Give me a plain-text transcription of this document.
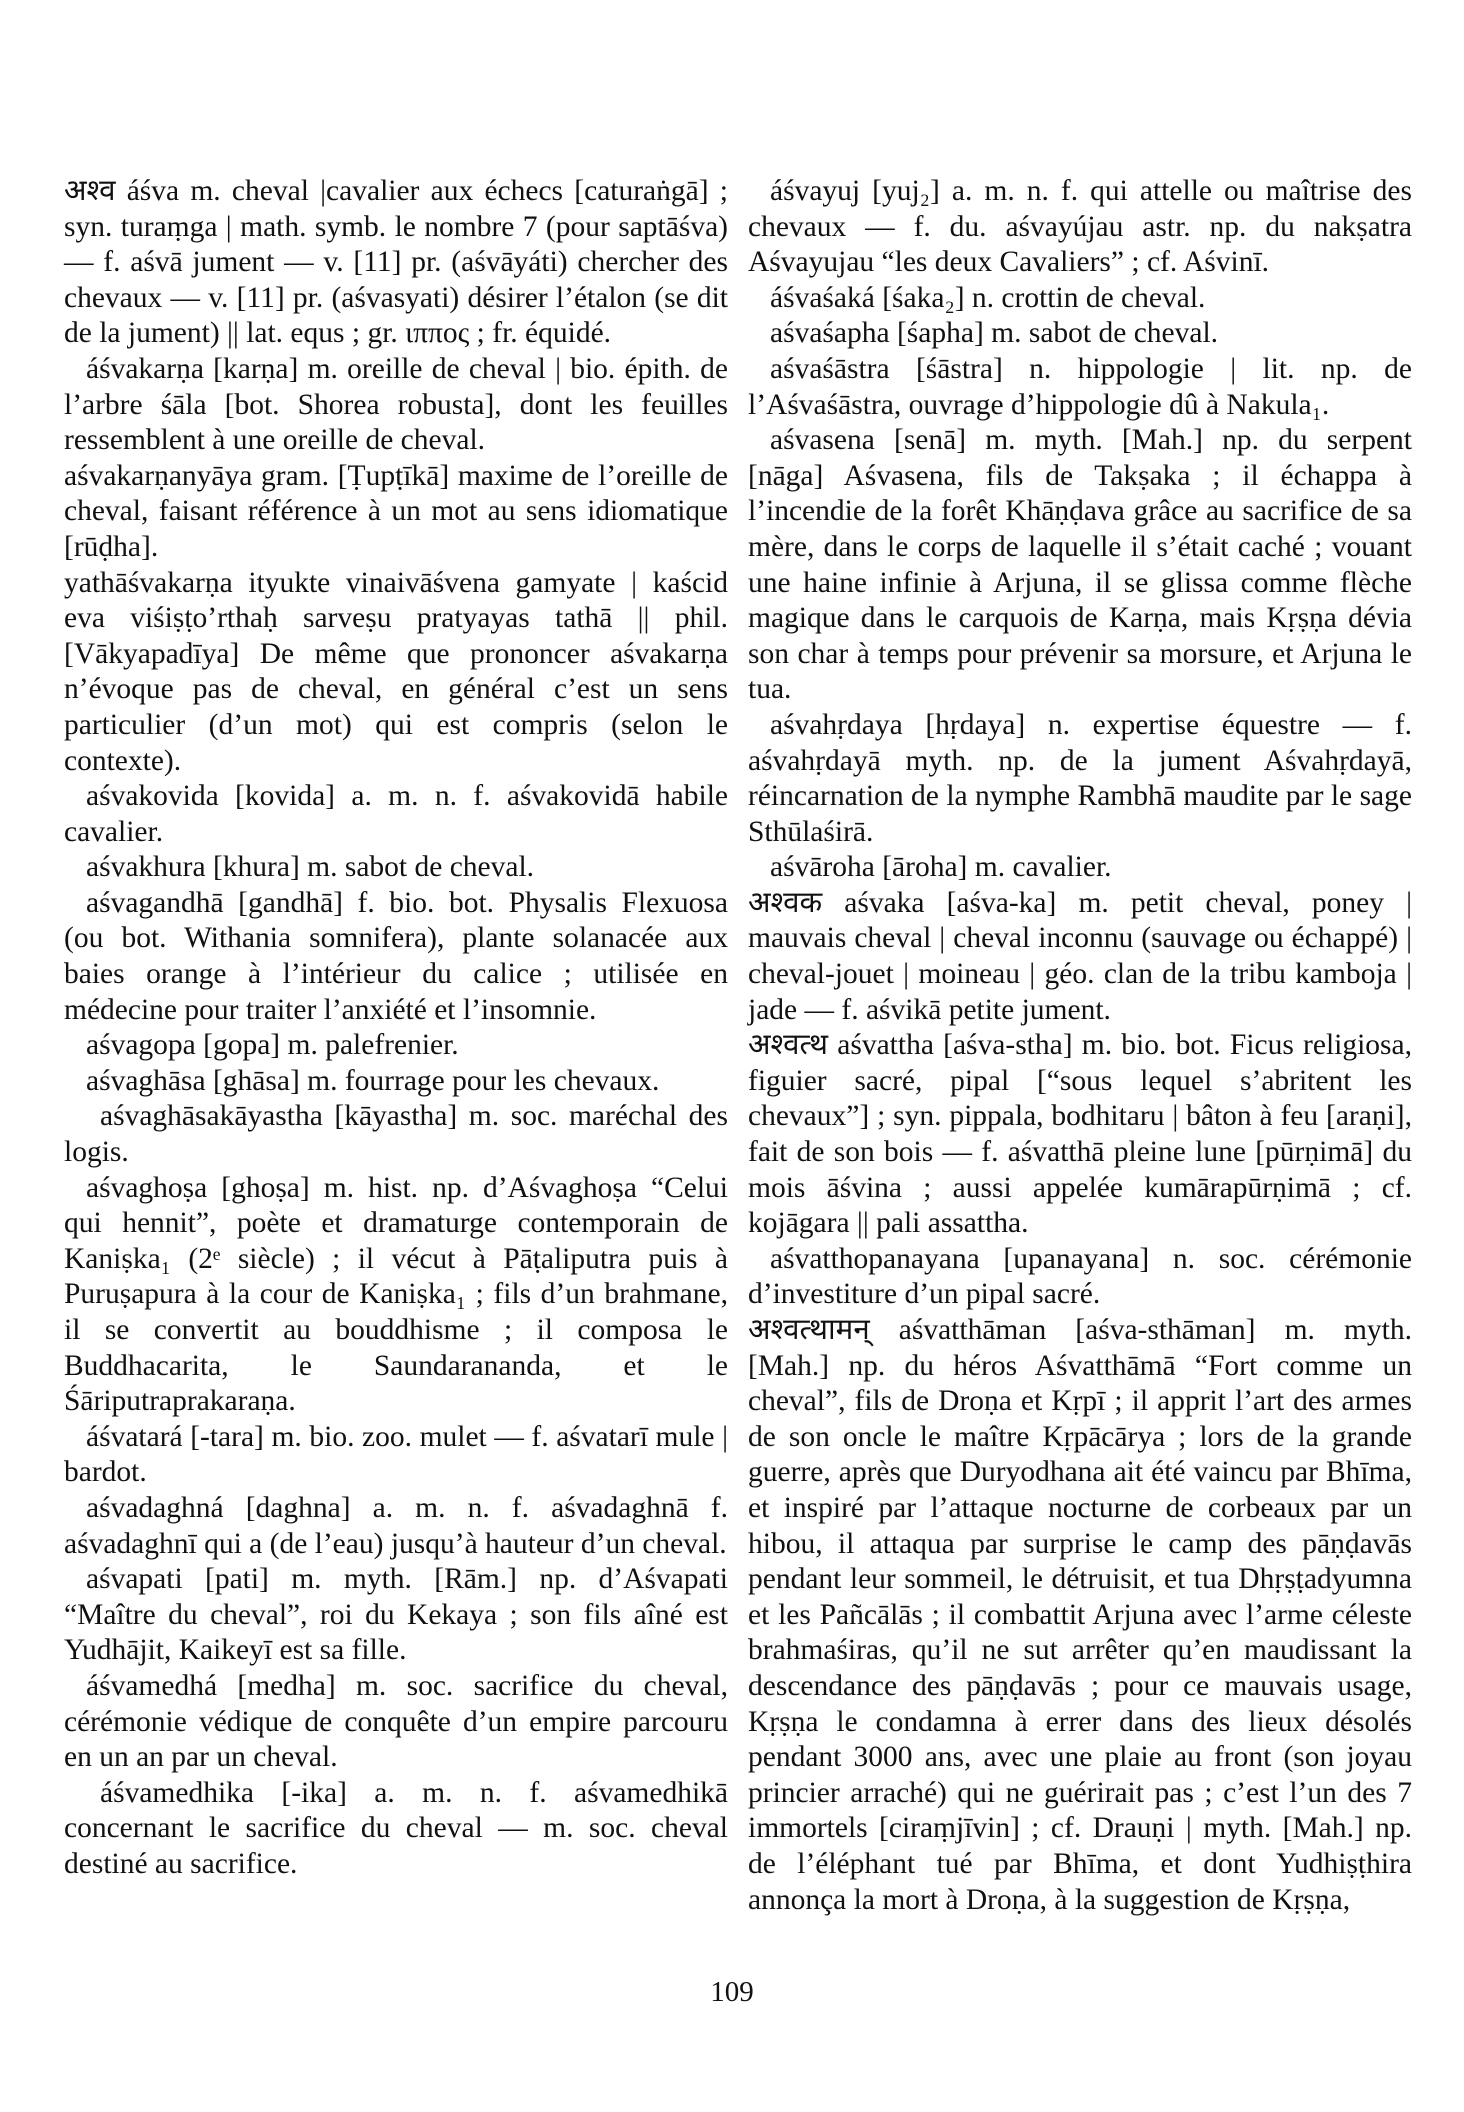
अश्व áśva m. cheval |cavalier aux échecs [caturaṅgā] ; syn. turaṃga | math. symb. le nombre 7 (pour saptāśva) — f. aśvā jument — v. [11] pr. (aśvāyáti) chercher des chevaux — v. [11] pr. (aśvasyati) désirer l’étalon (se dit de la jument) || lat. equs ; gr. ιππος ; fr. équidé.

áśvakarṇa [karṇa] m. oreille de cheval | bio. épith. de l’arbre śāla [bot. Shorea robusta], dont les feuilles ressemblent à une oreille de cheval.

aśvakarṇanyāya gram. [Ṭupṭīkā] maxime de l’oreille de cheval, faisant référence à un mot au sens idiomatique [rūḍha].

yathāśvakarṇa ityukte vinaivāśvena gamyate | kaścid eva viśiṣṭo’rthaḥ sarveṣu pratyayas tathā || phil. [Vākyapadīya] De même que prononcer aśvakarṇa n’évoque pas de cheval, en général c’est un sens particulier (d’un mot) qui est compris (selon le contexte).

aśvakovida [kovida] a. m. n. f. aśvakovidā habile cavalier.

aśvakhura [khura] m. sabot de cheval.

aśvagandhā [gandhā] f. bio. bot. Physalis Flexuosa (ou bot. Withania somnifera), plante solanacée aux baies orange à l’intérieur du calice ; utilisée en médecine pour traiter l’anxiété et l’insomnie.

aśvagopa [gopa] m. palefrenier.

aśvaghāsa [ghāsa] m. fourrage pour les chevaux.

aśvaghāsakāyastha [kāyastha] m. soc. maréchal des logis.

aśvaghoṣa [ghoṣa] m. hist. np. d’Aśvaghoṣa “Celui qui hennit”, poète et dramaturge contemporain de Kaniṣka₁ (2ᵉ siècle) ; il vécut à Pāṭaliputra puis à Puruṣapura à la cour de Kaniṣka₁ ; fils d’un brahmane, il se convertit au bouddhisme ; il composa le Buddhacarita, le Saundarananda, et le Śāriputraprakaraṇa.

áśvatará [-tara] m. bio. zoo. mulet — f. aśvatarī mule | bardot.

aśvadaghná [daghna] a. m. n. f. aśvadaghnā f. aśvadaghnī qui a (de l’eau) jusqu’à hauteur d’un cheval.

aśvapati [pati] m. myth. [Rām.] np. d’Aśvapati “Maître du cheval”, roi du Kekaya ; son fils aîné est Yudhājit, Kaikeyī est sa fille.

áśvamedhá [medha] m. soc. sacrifice du cheval, cérémonie védique de conquête d’un empire parcouru en un an par un cheval.

áśvamedhika [-ika] a. m. n. f. aśvamedhikā concernant le sacrifice du cheval — m. soc. cheval destiné au sacrifice.

áśvayuj [yuj₂] a. m. n. f. qui attelle ou maîtrise des chevaux — f. du. aśvayújau astr. np. du nakṣatra Aśvayujau “les deux Cavaliers” ; cf. Aśvinī.

áśvaśaká [śaka₂] n. crottin de cheval.

aśvaśapha [śapha] m. sabot de cheval.

aśvaśāstra [śāstra] n. hippologie | lit. np. de l’Aśvaśāstra, ouvrage d’hippologie dû à Nakula₁.

aśvasena [senā] m. myth. [Mah.] np. du serpent [nāga] Aśvasena, fils de Takṣaka ; il échappa à l’incendie de la forêt Khāṇḍava grâce au sacrifice de sa mère, dans le corps de laquelle il s’était caché ; vouant une haine infinie à Arjuna, il se glissa comme flèche magique dans le carquois de Karṇa, mais Kṛṣṇa dévia son char à temps pour prévenir sa morsure, et Arjuna le tua.

aśvahṛdaya [hṛdaya] n. expertise équestre — f. aśvahṛdayā myth. np. de la jument Aśvahṛdayā, réincarnation de la nymphe Rambhā maudite par le sage Sthūlaśirā.

aśvāroha [āroha] m. cavalier.

अश्वक aśvaka [aśva-ka] m. petit cheval, poney | mauvais cheval | cheval inconnu (sauvage ou échappé) | cheval-jouet | moineau | géo. clan de la tribu kamboja | jade — f. aśvikā petite jument.

अश्वत्थ aśvattha [aśva-stha] m. bio. bot. Ficus religiosa, figuier sacré, pipal [“sous lequel s’abritent les chevaux”] ; syn. pippala, bodhitaru | bâton à feu [araṇi], fait de son bois — f. aśvatthā pleine lune [pūrṇimā] du mois āśvina ; aussi appelée kumārapūrṇimā ; cf. kojāgara || pali assattha.

aśvatthopanayana [upanayana] n. soc. cérémonie d’investiture d’un pipal sacré.

अश्वत्थामन् aśvatthāman [aśva-sthāman] m. myth. [Mah.] np. du héros Aśvatthāmā “Fort comme un cheval”, fils de Droṇa et Kṛpī ; il apprit l’art des armes de son oncle le maître Kṛpācārya ; lors de la grande guerre, après que Duryodhana ait été vaincu par Bhīma, et inspiré par l’attaque nocturne de corbeaux par un hibou, il attaqua par surprise le camp des pāṇḍavās pendant leur sommeil, le détruisit, et tua Dhṛṣṭadyumna et les Pañcālās ; il combattit Arjuna avec l’arme céleste brahmaśiras, qu’il ne sut arrêter qu’en maudissant la descendance des pāṇḍavās ; pour ce mauvais usage, Kṛṣṇa le condamna à errer dans des lieux désolés pendant 3000 ans, avec une plaie au front (son joyau princier arraché) qui ne guérirait pas ; c’est l’un des 7 immortels [ciraṃjīvin] ; cf. Drauṇi | myth. [Mah.] np. de l’éléphant tué par Bhīma, et dont Yudhiṣṭhira annonça la mort à Droṇa, à la suggestion de Kṛṣṇa,

109
